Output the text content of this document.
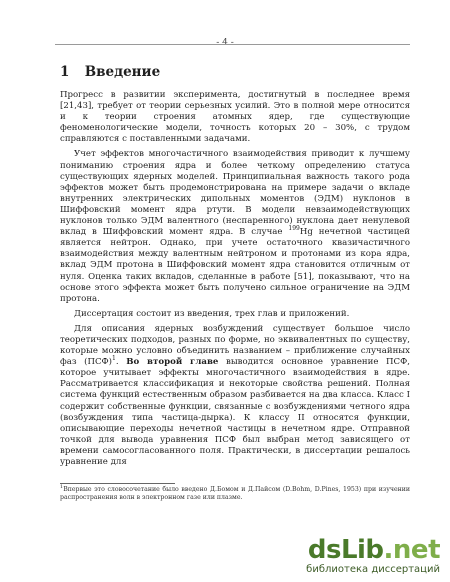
- 4 -
1 Введение

Прогресс в развитии эксперимента, достигнутый в последнее время [21,43], требует от теории серьезных усилий. Это в полной мере относится и к теории строения атомных ядер, где существующие феноменологические модели, точность которых 20 – 30%, с трудом справляются с поставленными задачами.

Учет эффектов многочастичного взаимодействия приводит к лучшему пониманию строения ядра и более четкому определению статуса существующих ядерных моделей. Принципиальная важность такого рода эффектов может быть продемонстрирована на примере задачи о вкладе внутренних электрических дипольных моментов (ЭДМ) нуклонов в Шиффовский момент ядра ртути. В модели невзаимодействующих нуклонов только ЭДМ валентного (неспаренного) нуклона дает ненулевой вклад в Шиффовский момент ядра. В случае $^{199}$Hg нечетной частицей является нейтрон. Однако, при учете остаточного квазичастичного взаимодействия между валентным нейтроном и протонами из кора ядра, вклад ЭДМ протона в Шиффовский момент ядра становится отличным от нуля. Оценка таких вкладов, сделанные в работе [51], показывают, что на основе этого эффекта может быть получено сильное ограничение на ЭДМ протона.

Диссертация состоит из введения, трех глав и приложений.

Для описания ядерных возбуждений существует большое число теоретических подходов, разных по форме, но эквивалентных по существу, которые можно условно объединить названием – приближение случайных фаз (ПСФ)$^1$. Во второй главе выводится основное уравнение ПСФ, которое учитывает эффекты многочастичного взаимодействия в ядре. Рассматривается классификация и некоторые свойства решений. Полная система функций естественным образом разбивается на два класса. Класс I содержит собственные функции, связанные с возбуждениями четного ядра (возбуждения типа частица-дырка). К классу II относятся функции, описывающие переходы нечетной частицы в нечетном ядре. Отправной точкой для вывода уравнения ПСФ был выбран метод зависящего от времени самосогласованного поля. Практически, в диссертации решалось уравнение для

$^1$Впервые это словосочетание было введено Д.Бомом и Д.Пайсом (D.Bohm, D.Pines, 1953) при изучении распространения волн в электронном газе или плазме.
dsLib.net
библиотека диссертаций
